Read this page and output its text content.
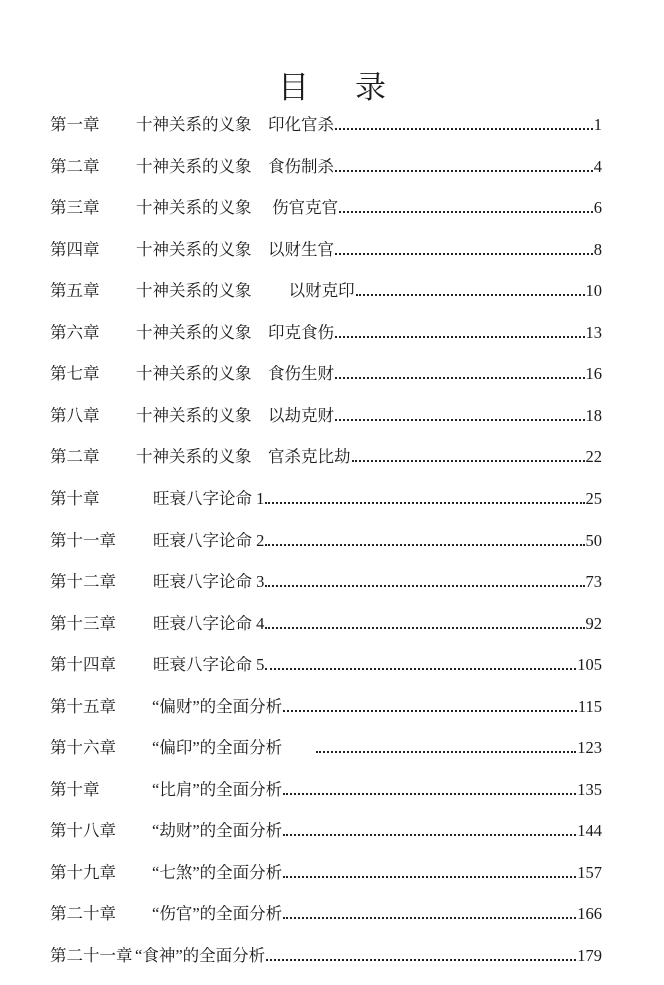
目录
第一章	十神关系的义象　印化官杀	1
第二章	十神关系的义象　食伤制杀	4
第三章	十神关系的义象　 伤官克官	6
第四章	十神关系的义象　以财生官	8
第五章	十神关系的义象　　 以财克印	10
第六章	十神关系的义象　印克食伤	13
第七章	十神关系的义象　食伤生财	16
第八章	十神关系的义象　以劫克财	18
第二章	十神关系的义象　官杀克比劫	22
第十章	旺衰八字论命 1	25
第十一章	旺衰八字论命 2	50
第十二章	旺衰八字论命 3	73
第十三章	旺衰八字论命 4	92
第十四章	旺衰八字论命 5	105
第十五章	“偏财”的全面分析	115
第十六章	“偏印”的全面分析　　	123
第十章	“比肩”的全面分析	135
第十八章	“劫财”的全面分析	144
第十九章	“七煞”的全面分析	157
第二十章	“伤官”的全面分析	166
第二十一章 “食神”的全面分析	179
